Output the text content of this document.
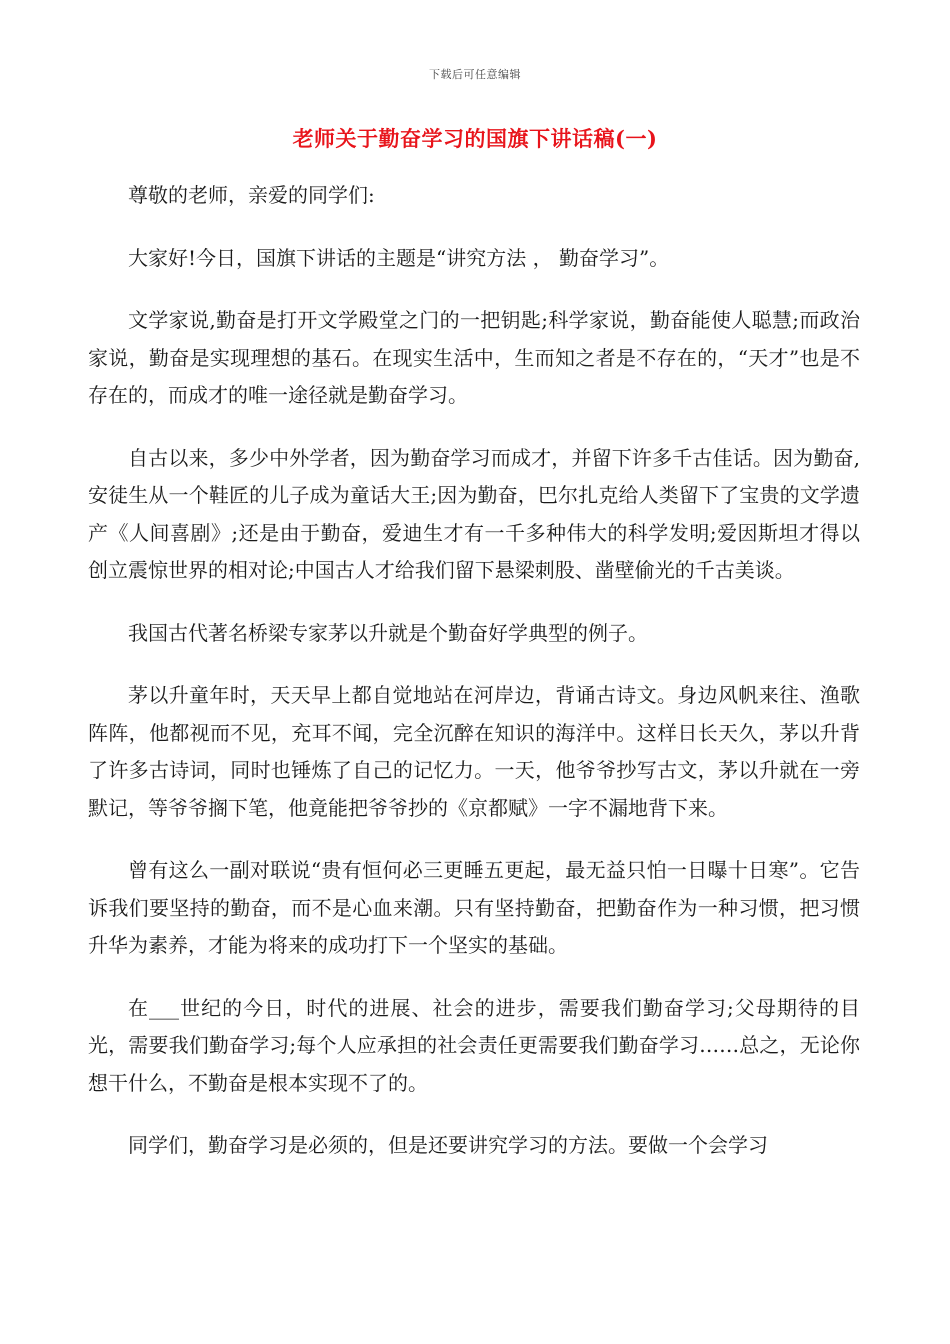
下载后可任意编辑
老师关于勤奋学习的国旗下讲话稿(一)

尊敬的老师，亲爱的同学们:

大家好!今日，国旗下讲话的主题是“讲究方法 ， 勤奋学习”。

文学家说,勤奋是打开文学殿堂之门的一把钥匙;科学家说，勤奋能使人聪慧;而政治家说，勤奋是实现理想的基石。在现实生活中，生而知之者是不存在的，“天才”也是不存在的，而成才的唯一途径就是勤奋学习。

自古以来，多少中外学者，因为勤奋学习而成才，并留下许多千古佳话。因为勤奋,安徒生从一个鞋匠的儿子成为童话大王;因为勤奋，巴尔扎克给人类留下了宝贵的文学遗产《人间喜剧》;还是由于勤奋，爱迪生才有一千多种伟大的科学发明;爱因斯坦才得以创立震惊世界的相对论;中国古人才给我们留下悬梁刺股、凿壁偷光的千古美谈。

我国古代著名桥梁专家茅以升就是个勤奋好学典型的例子。

茅以升童年时，天天早上都自觉地站在河岸边，背诵古诗文。身边风帆来往、渔歌阵阵，他都视而不见，充耳不闻，完全沉醉在知识的海洋中。这样日长天久，茅以升背了许多古诗词，同时也锤炼了自己的记忆力。一天，他爷爷抄写古文，茅以升就在一旁默记，等爷爷搁下笔，他竟能把爷爷抄的《京都赋》一字不漏地背下来。

曾有这么一副对联说“贵有恒何必三更睡五更起，最无益只怕一日曝十日寒”。它告诉我们要坚持的勤奋，而不是心血来潮。只有坚持勤奋，把勤奋作为一种习惯，把习惯升华为素养，才能为将来的成功打下一个坚实的基础。

在___世纪的今日，时代的进展、社会的进步，需要我们勤奋学习;父母期待的目光，需要我们勤奋学习;每个人应承担的社会责任更需要我们勤奋学习……总之，无论你想干什么，不勤奋是根本实现不了的。

同学们，勤奋学习是必须的，但是还要讲究学习的方法。要做一个会学习
